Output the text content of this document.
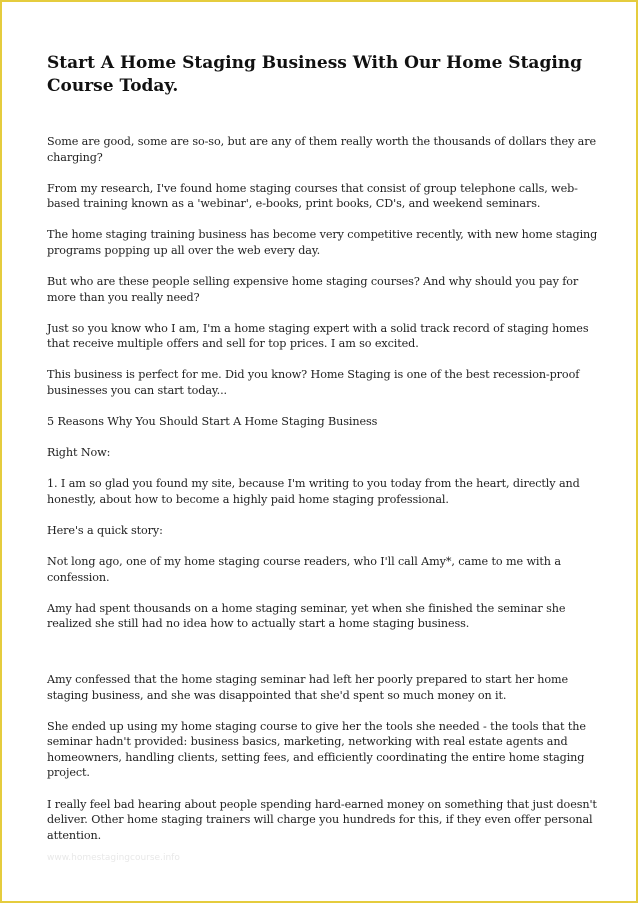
Start A Home Staging Business With Our Home Staging Course Today.

Some are good, some are so-so, but are any of them really worth the thousands of dollars they are charging?

From my research, I've found home staging courses that consist of group telephone calls, web-based training known as a 'webinar', e-books, print books, CD's, and weekend seminars.

The home staging training business has become very competitive recently, with new home staging programs popping up all over the web every day.

But who are these people selling expensive home staging courses? And why should you pay for more than you really need?

Just so you know who I am, I'm a home staging expert with a solid track record of staging homes that receive multiple offers and sell for top prices. I am so excited.

This business is perfect for me. Did you know? Home Staging is one of the best recession-proof businesses you can start today...

5 Reasons Why You Should Start A Home Staging Business

Right Now:

1. I am so glad you found my site, because I'm writing to you today from the heart, directly and honestly, about how to become a highly paid home staging professional.

Here's a quick story:

Not long ago, one of my home staging course readers, who I'll call Amy*, came to me with a confession.

Amy had spent thousands on a home staging seminar, yet when she finished the seminar she realized she still had no idea how to actually start a home staging business.

Amy confessed that the home staging seminar had left her poorly prepared to start her home staging business, and she was disappointed that she'd spent so much money on it.

She ended up using my home staging course to give her the tools she needed - the tools that the seminar hadn't provided: business basics, marketing, networking with real estate agents and homeowners, handling clients, setting fees, and efficiently coordinating the entire home staging project.

I really feel bad hearing about people spending hard-earned money on something that just doesn't deliver. Other home staging trainers will charge you hundreds for this, if they even offer personal attention.

www.homestagingcourse.info
